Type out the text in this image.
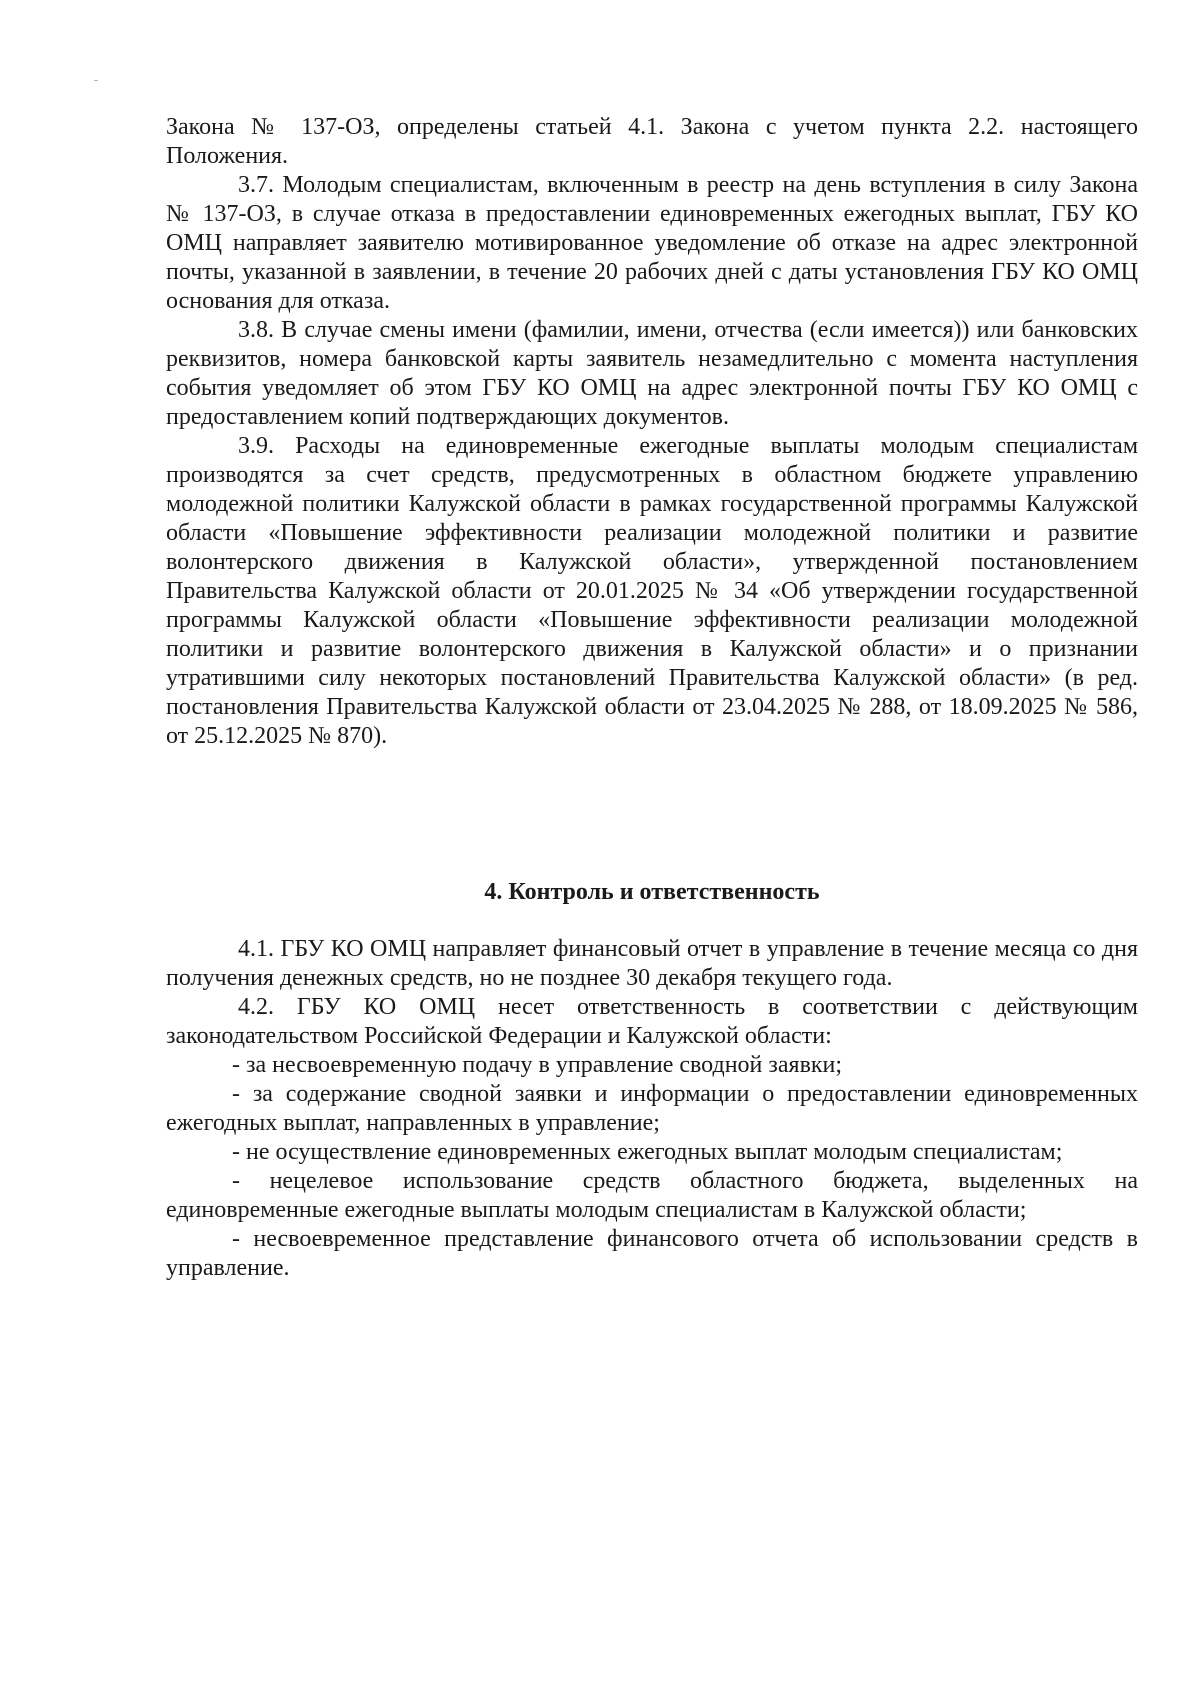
Закона № 137-ОЗ, определены статьей 4.1. Закона с учетом пункта 2.2. настоящего Положения.

3.7. Молодым специалистам, включенным в реестр на день вступления в силу Закона № 137-ОЗ, в случае отказа в предоставлении единовременных ежегодных выплат, ГБУ КО ОМЦ направляет заявителю мотивированное уведомление об отказе на адрес электронной почты, указанной в заявлении, в течение 20 рабочих дней с даты установления ГБУ КО ОМЦ основания для отказа.

3.8. В случае смены имени (фамилии, имени, отчества (если имеется)) или банковских реквизитов, номера банковской карты заявитель незамедлительно с момента наступления события уведомляет об этом ГБУ КО ОМЦ на адрес электронной почты ГБУ КО ОМЦ с предоставлением копий подтверждающих документов.

3.9. Расходы на единовременные ежегодные выплаты молодым специалистам производятся за счет средств, предусмотренных в областном бюджете управлению молодежной политики Калужской области в рамках государственной программы Калужской области «Повышение эффективности реализации молодежной политики и развитие волонтерского движения в Калужской области», утвержденной постановлением Правительства Калужской области от 20.01.2025 № 34 «Об утверждении государственной программы Калужской области «Повышение эффективности реализации молодежной политики и развитие волонтерского движения в Калужской области» и о признании утратившими силу некоторых постановлений Правительства Калужской области» (в ред. постановления Правительства Калужской области от 23.04.2025 № 288, от 18.09.2025 № 586, от 25.12.2025 № 870).

4. Контроль и ответственность

4.1. ГБУ КО ОМЦ направляет финансовый отчет в управление в течение месяца со дня получения денежных средств, но не позднее 30 декабря текущего года.

4.2. ГБУ КО ОМЦ несет ответственность в соответствии с действующим законодательством Российской Федерации и Калужской области:

- за несвоевременную подачу в управление сводной заявки;

- за содержание сводной заявки и информации о предоставлении единовременных ежегодных выплат, направленных в управление;

- не осуществление единовременных ежегодных выплат молодым специалистам;

- нецелевое использование средств областного бюджета, выделенных на единовременные ежегодные выплаты молодым специалистам в Калужской области;

- несвоевременное представление финансового отчета об использовании средств в управление.
